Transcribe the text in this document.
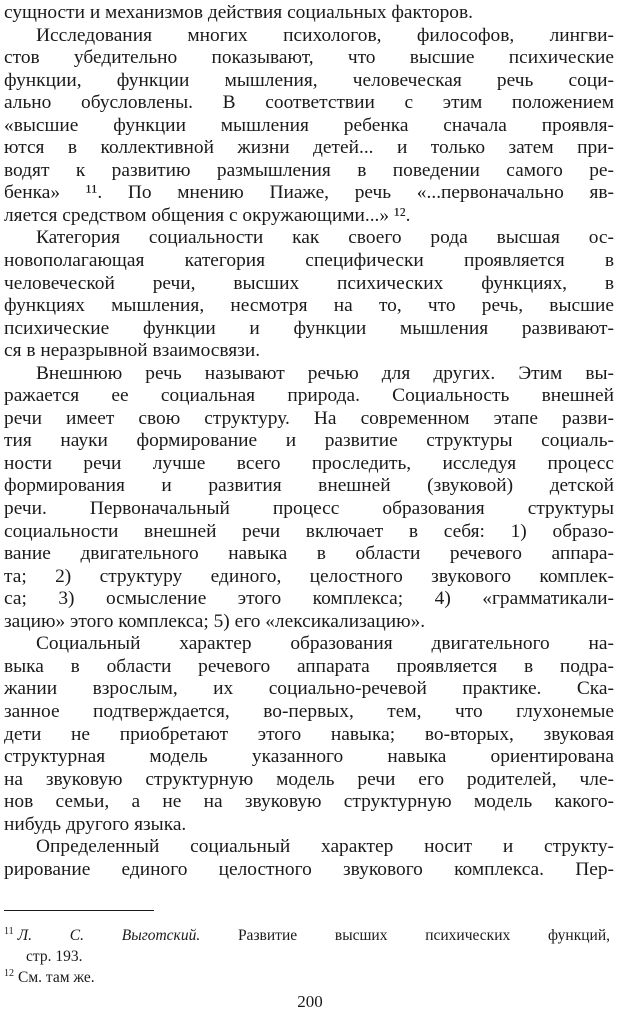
сущности и механизмов действия социальных факторов.
Исследования многих психологов, философов, лингви-
стов убедительно показывают, что высшие психические
функции, функции мышления, человеческая речь соци-
ально обусловлены. В соответствии с этим положением
«высшие функции мышления ребенка сначала проявля-
ются в коллективной жизни детей... и только затем при-
водят к развитию размышления в поведении самого ре-
бенка» ¹¹. По мнению Пиаже, речь «...первоначально яв-
ляется средством общения с окружающими...» ¹².
Категория социальности как своего рода высшая ос-
новополагающая категория специфически проявляется в
человеческой речи, высших психических функциях, в
функциях мышления, несмотря на то, что речь, высшие
психические функции и функции мышления развивают-
ся в неразрывной взаимосвязи.
Внешнюю речь называют речью для других. Этим вы-
ражается ее социальная природа. Социальность внешней
речи имеет свою структуру. На современном этапе разви-
тия науки формирование и развитие структуры социаль-
ности речи лучше всего проследить, исследуя процесс
формирования и развития внешней (звуковой) детской
речи. Первоначальный процесс образования структуры
социальности внешней речи включает в себя: 1) образо-
вание двигательного навыка в области речевого аппара-
та; 2) структуру единого, целостного звукового комплек-
са; 3) осмысление этого комплекса; 4) «грамматикали-
зацию» этого комплекса; 5) его «лексикализацию».
Социальный характер образования двигательного на-
выка в области речевого аппарата проявляется в подра-
жании взрослым, их социально-речевой практике. Ска-
занное подтверждается, во-первых, тем, что глухонемые
дети не приобретают этого навыка; во-вторых, звуковая
структурная модель указанного навыка ориентирована
на звуковую структурную модель речи его родителей, чле-
нов семьи, а не на звуковую структурную модель какого-
нибудь другого языка.
Определенный социальный характер носит и структу-
рирование единого целостного звукового комплекса. Пер-
$^{11}$ Л. С. Выготский. Развитие высших психических функций,
стр. 193.
$^{12}$ См. там же.
200
